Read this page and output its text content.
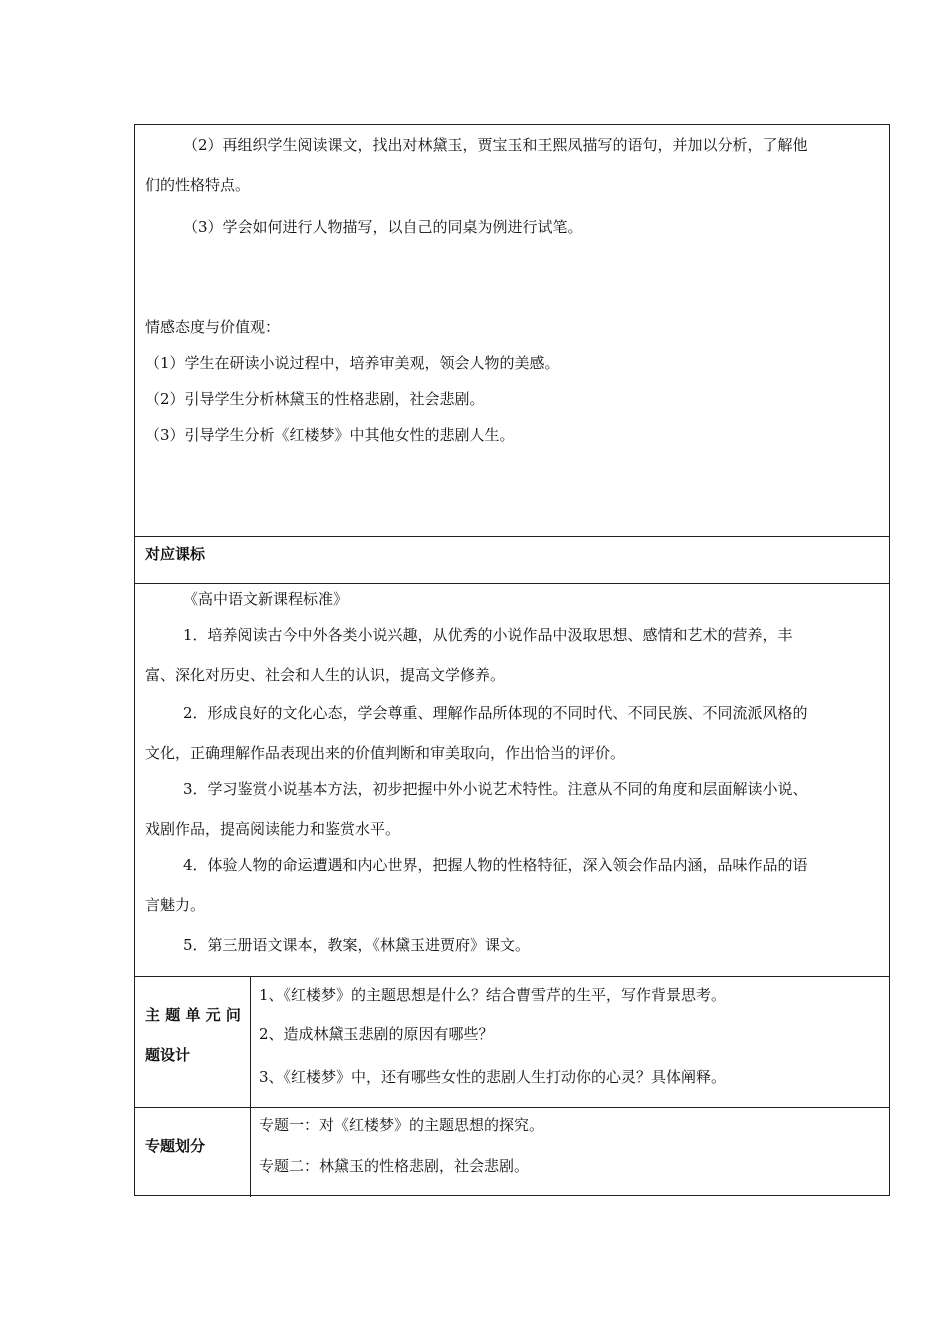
（2）再组织学生阅读课文，找出对林黛玉，贾宝玉和王熙凤描写的语句，并加以分析，了解他
们的性格特点。
（3）学会如何进行人物描写，以自己的同桌为例进行试笔。
情感态度与价值观：
（1）学生在研读小说过程中，培养审美观，领会人物的美感。
（2）引导学生分析林黛玉的性格悲剧，社会悲剧。
（3）引导学生分析《红楼梦》中其他女性的悲剧人生。
对应课标
《高中语文新课程标准》
1．培养阅读古今中外各类小说兴趣，从优秀的小说作品中汲取思想、感情和艺术的营养，丰
富、深化对历史、社会和人生的认识，提高文学修养。
2．形成良好的文化心态，学会尊重、理解作品所体现的不同时代、不同民族、不同流派风格的
文化，正确理解作品表现出来的价值判断和审美取向，作出恰当的评价。
3．学习鉴赏小说基本方法，初步把握中外小说艺术特性。注意从不同的角度和层面解读小说、
戏剧作品，提高阅读能力和鉴赏水平。
4．体验人物的命运遭遇和内心世界，把握人物的性格特征，深入领会作品内涵，品味作品的语
言魅力。
5．第三册语文课本，教案，《林黛玉进贾府》课文。
主 题 单 元 问
题设计
1、《红楼梦》的主题思想是什么？结合曹雪芹的生平，写作背景思考。
2、造成林黛玉悲剧的原因有哪些？
3、《红楼梦》中，还有哪些女性的悲剧人生打动你的心灵？具体阐释。
专题划分
专题一：对《红楼梦》的主题思想的探究。
专题二：林黛玉的性格悲剧，社会悲剧。
